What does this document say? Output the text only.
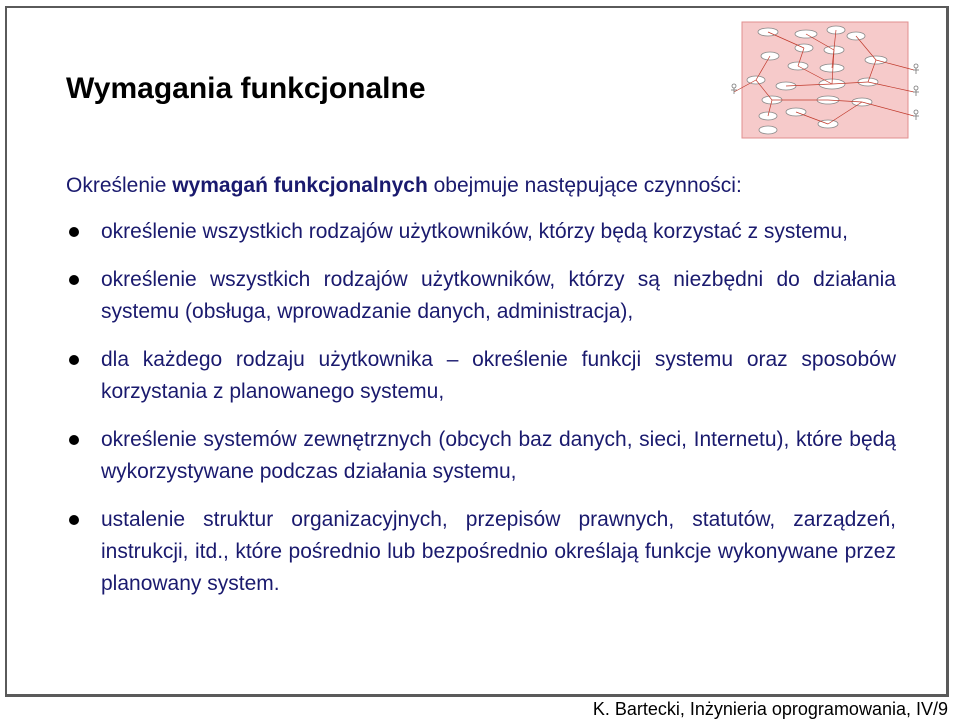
Wymagania funkcjonalne
Określenie wymagań funkcjonalnych obejmuje następujące czynności:
określenie wszystkich rodzajów użytkowników, którzy będą korzystać z systemu,
określenie wszystkich rodzajów użytkowników, którzy są niezbędni do działania systemu (obsługa, wprowadzanie danych, administracja),
dla każdego rodzaju użytkownika – określenie funkcji systemu oraz sposobów korzystania z planowanego systemu,
określenie systemów zewnętrznych (obcych baz danych, sieci, Internetu), które będą wykorzystywane podczas działania systemu,
ustalenie struktur organizacyjnych, przepisów prawnych, statutów, zarządzeń, instrukcji, itd., które pośrednio lub bezpośrednio określają funkcje wykonywane przez planowany system.
K. Bartecki, Inżynieria oprogramowania, IV/9
